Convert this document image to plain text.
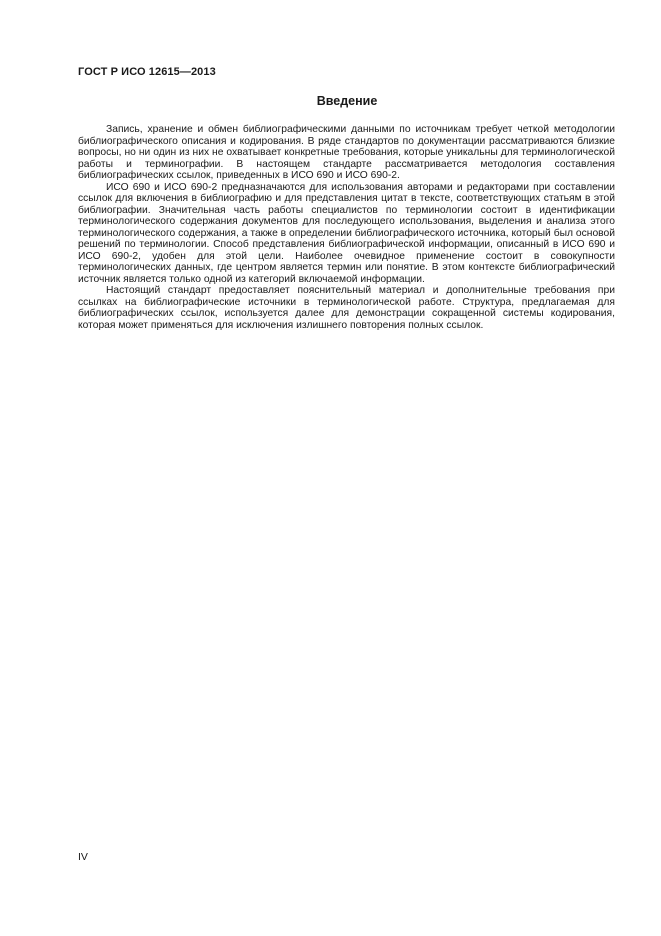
ГОСТ Р ИСО 12615—2013
Введение

Запись, хранение и обмен библиографическими данными по источникам требует четкой методологии библиографического описания и кодирования. В ряде стандартов по документации рассматриваются близкие вопросы, но ни один из них не охватывает конкретные требования, которые уникальны для терминологической работы и терминографии. В настоящем стандарте рассматривается методология составления библиографических ссылок, приведенных в ИСО 690 и ИСО 690-2.

ИСО 690 и ИСО 690-2 предназначаются для использования авторами и редакторами при составлении ссылок для включения в библиографию и для представления цитат в тексте, соответствующих статьям в этой библиографии. Значительная часть работы специалистов по терминологии состоит в идентификации терминологического содержания документов для последующего использования, выделения и анализа этого терминологического содержания, а также в определении библиографического источника, который был основой решений по терминологии. Способ представления библиографической информации, описанный в ИСО 690 и ИСО 690-2, удобен для этой цели. Наиболее очевидное применение состоит в совокупности терминологических данных, где центром является термин или понятие. В этом контексте библиографический источник является только одной из категорий включаемой информации.

Настоящий стандарт предоставляет пояснительный материал и дополнительные требования при ссылках на библиографические источники в терминологической работе. Структура, предлагаемая для библиографических ссылок, используется далее для демонстрации сокращенной системы кодирования, которая может применяться для исключения излишнего повторения полных ссылок.

IV
